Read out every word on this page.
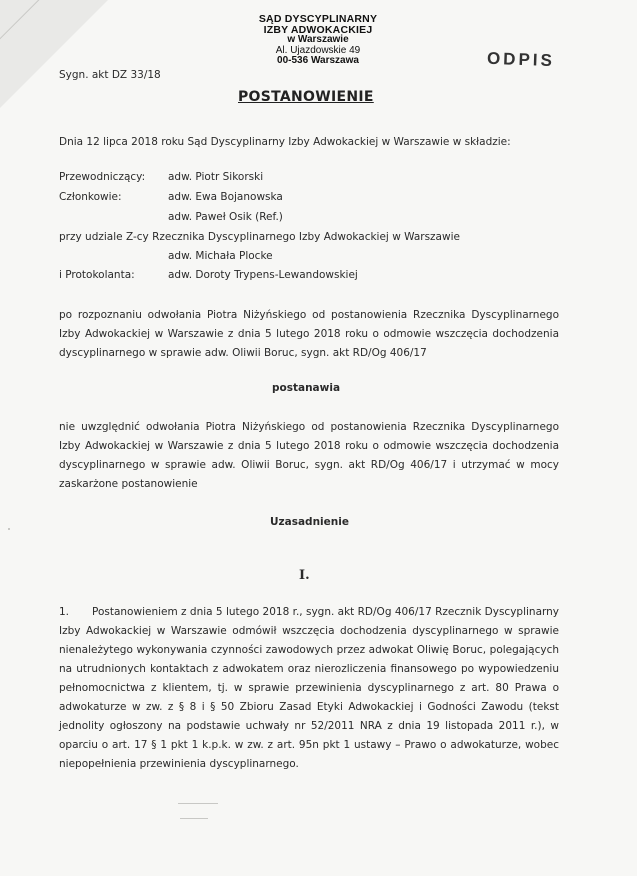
SĄD DYSCYPLINARNY
IZBY ADWOKACKIEJ
w Warszawie
Al. Ujazdowskie 49
00-536 Warszawa	ODPIS
Sygn. akt DZ 33/18
POSTANOWIENIE
Dnia 12 lipca 2018 roku Sąd Dyscyplinarny Izby Adwokackiej w Warszawie w składzie:
Przewodniczący: adw. Piotr Sikorski
Członkowie:	adw. Ewa Bojanowska
adw. Paweł Osik (Ref.)
przy udziale Z-cy Rzecznika Dyscyplinarnego Izby Adwokackiej w Warszawie
adw. Michała Plocke
i Protokolanta:	adw. Doroty Trypens-Lewandowskiej
po rozpoznaniu odwołania Piotra Niżyńskiego od postanowienia Rzecznika Dyscyplinarnego Izby Adwokackiej w Warszawie z dnia 5 lutego 2018 roku o odmowie wszczęcia dochodzenia dyscyplinarnego w sprawie adw. Oliwii Boruc, sygn. akt RD/Og 406/17
postanawia
nie uwzględnić odwołania Piotra Niżyńskiego od postanowienia Rzecznika Dyscyplinarnego Izby Adwokackiej w Warszawie z dnia 5 lutego 2018 roku o odmowie wszczęcia dochodzenia dyscyplinarnego w sprawie adw. Oliwii Boruc, sygn. akt RD/Og 406/17 i utrzymać w mocy zaskarżone postanowienie
Uzasadnienie
I.
1.	Postanowieniem z dnia 5 lutego 2018 r., sygn. akt RD/Og 406/17 Rzecznik Dyscyplinarny Izby Adwokackiej w Warszawie odmówił wszczęcia dochodzenia dyscyplinarnego w sprawie nienależytego wykonywania czynności zawodowych przez adwokat Oliwię Boruc, polegających na utrudnionych kontaktach z adwokatem oraz nierozliczenia finansowego po wypowiedzeniu pełnomocnictwa z klientem, tj. w sprawie przewinienia dyscyplinarnego z art. 80 Prawa o adwokaturze w zw. z § 8 i § 50 Zbioru Zasad Etyki Adwokackiej i Godności Zawodu (tekst jednolity ogłoszony na podstawie uchwały nr 52/2011 NRA z dnia 19 listopada 2011 r.), w oparciu o art. 17 § 1 pkt 1 k.p.k. w zw. z art. 95n pkt 1 ustawy – Prawo o adwokaturze, wobec niepopełnienia przewinienia dyscyplinarnego.
